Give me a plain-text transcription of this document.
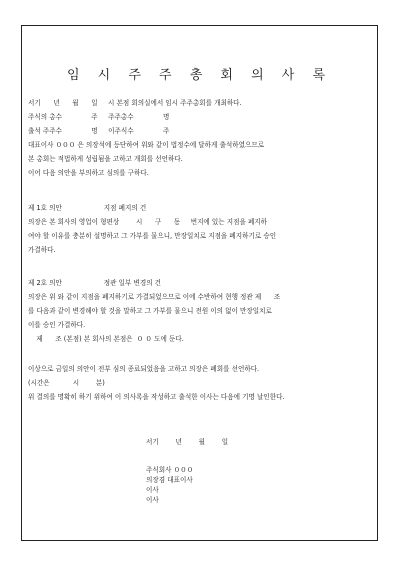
임 시 주 주 총 회 의 사 록
서기      년      월      일     시 본점 회의실에서 임시 주주총회를 개최하다.
주식의 총수              주     주주총수              명
출석 주주수              명     이주식수              주
대표이사 ０００ 은 의장석에 등단하여 위와 같이 법정수에 달하게 출석하였으므로
본 총회는 적법하게 성립됨을 고하고 개회를 선언하다.
이어 다음 의안을 부의하고 심의를 구하다.
제 1호 의안                    지점 폐지의 건
의장은 본 회사의 영업이 형편상        시      구      동     번지에 있는 지점을 폐지하
여야 할 이유를 충분히 설명하고 그 가부를 물으니, 만장일치로 지점을 폐지하기로 승인
가결하다.
제 2호 의안                    정관 일부 변경의 건
의장은 위 와 같이 지점을 폐지하기로 가결되었으므로 이에 수반하여 현행 정관 제      조
를 다음과 같이 변경해야 할 것을 말하고 그 가부를 물으니 전원 이의 없이 만장일치로
이를 승인 가결하다.
제      조 (본점) 본 회사의 본점은  ０ ０ 도에 둔다.
이상으로 금일의 의안이 전부 심의 종료되었음을 고하고 의장은 폐회를 선언하다.
(시간은           시        분)
위 결의를 명확히 하기 위하여 이 의사록을 작성하고 출석한 이사는 다음에 기명 날인한다.
서기        년        월        일
주식회사 ０００
의장겸 대표이사
이사
이사
